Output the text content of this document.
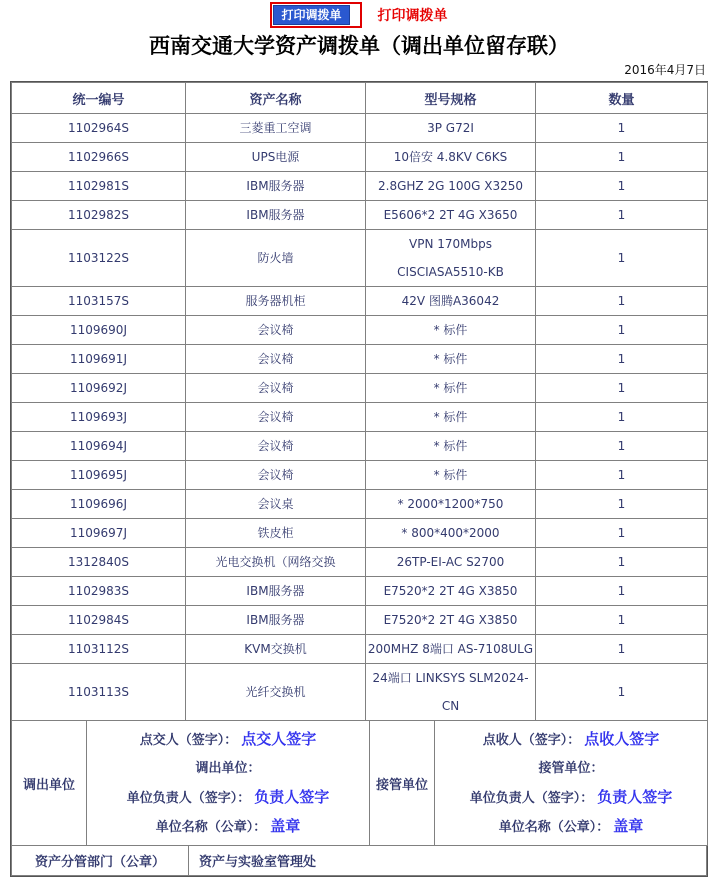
打印调拨单	打印调拨单
西南交通大学资产调拨单（调出单位留存联）
2016年4月7日
统一编号	资产名称	型号规格	数量

1102964S	三菱重工空调	3P G72I	1

1102966S	UPS电源	10倍安 4.8KV C6KS	1

1102981S	IBM服务器	2.8GHZ 2G 100G X3250	1

1102982S	IBM服务器	E5606*2 2T 4G X3650	1

1103122S	防火墙	VPN 170Mbps
CISCIASA5510-KB	1

1103157S	服务器机柜	42V 图腾A36042	1

1109690J	会议椅	* 标件	1

1109691J	会议椅	* 标件	1

1109692J	会议椅	* 标件	1

1109693J	会议椅	* 标件	1

1109694J	会议椅	* 标件	1

1109695J	会议椅	* 标件	1

1109696J	会议桌	* 2000*1200*750	1

1109697J	铁皮柜	* 800*400*2000	1

1312840S	光电交换机（网络交换	26TP-EI-AC S2700	1

1102983S	IBM服务器	E7520*2 2T 4G X3850	1

1102984S	IBM服务器	E7520*2 2T 4G X3850	1

1103112S	KVM交换机	200MHZ 8端口 AS-7108ULG	1

1103113S	光纤交换机	24端口 LINKSYS SLM2024-
CN	1
调出单位	
点交人（签字）： 点交人签字
调出单位：
单位负责人（签字）： 负责人签字
单位名称（公章）： 盖章
	接管单位	
点收人（签字）： 点收人签字
接管单位：
单位负责人（签字）： 负责人签字
单位名称（公章）： 盖章
资产分管部门（公章）	资产与实验室管理处
